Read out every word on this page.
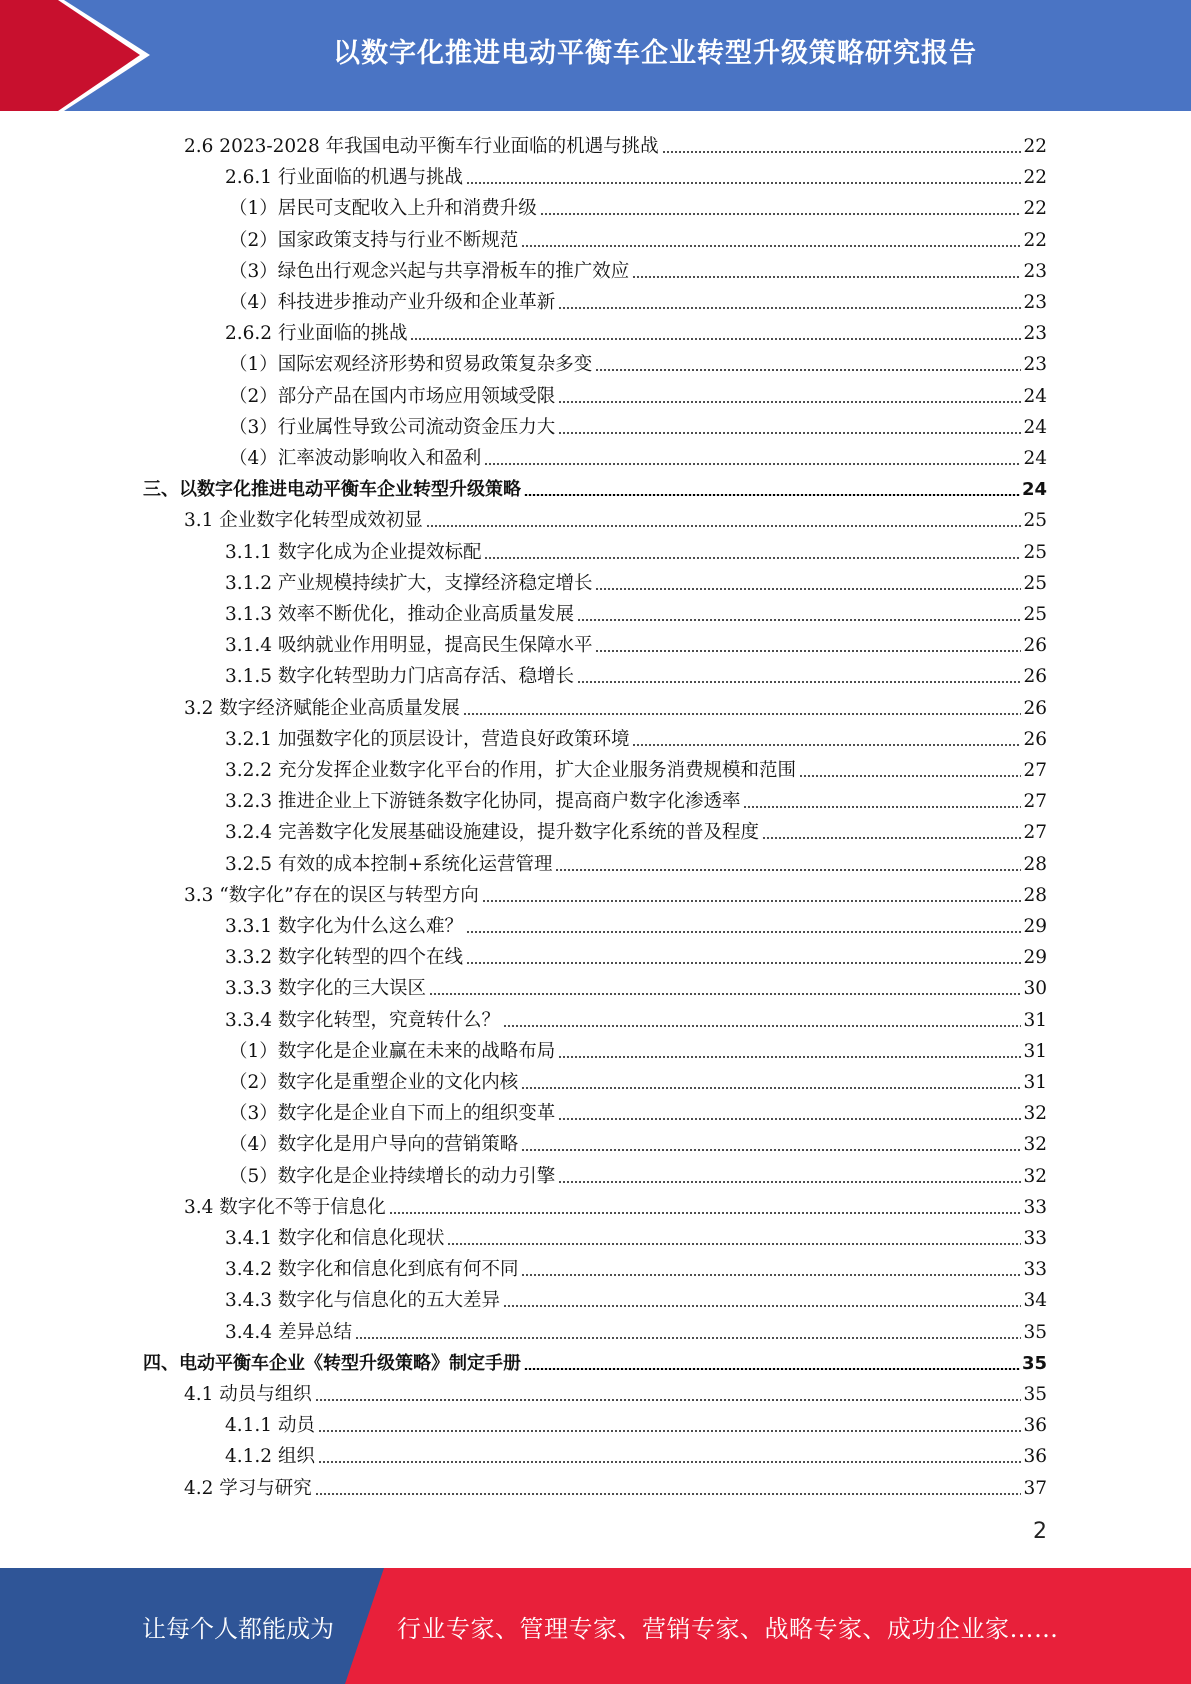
以数字化推进电动平衡车企业转型升级策略研究报告
2.6 2023-2028 年我国电动平衡车行业面临的机遇与挑战	22
2.6.1 行业面临的机遇与挑战	22
（1）居民可支配收入上升和消费升级	22
（2）国家政策支持与行业不断规范	22
（3）绿色出行观念兴起与共享滑板车的推广效应	23
（4）科技进步推动产业升级和企业革新	23
2.6.2 行业面临的挑战	23
（1）国际宏观经济形势和贸易政策复杂多变	23
（2）部分产品在国内市场应用领域受限	24
（3）行业属性导致公司流动资金压力大	24
（4）汇率波动影响收入和盈利	24
三、以数字化推进电动平衡车企业转型升级策略	24
3.1 企业数字化转型成效初显	25
3.1.1 数字化成为企业提效标配	25
3.1.2 产业规模持续扩大，支撑经济稳定增长	25
3.1.3 效率不断优化，推动企业高质量发展	25
3.1.4 吸纳就业作用明显，提高民生保障水平	26
3.1.5 数字化转型助力门店高存活、稳增长	26
3.2 数字经济赋能企业高质量发展	26
3.2.1 加强数字化的顶层设计，营造良好政策环境	26
3.2.2 充分发挥企业数字化平台的作用，扩大企业服务消费规模和范围	27
3.2.3 推进企业上下游链条数字化协同，提高商户数字化渗透率	27
3.2.4 完善数字化发展基础设施建设，提升数字化系统的普及程度	27
3.2.5 有效的成本控制+系统化运营管理	28
3.3 “数字化”存在的误区与转型方向	28
3.3.1 数字化为什么这么难？	29
3.3.2 数字化转型的四个在线	29
3.3.3 数字化的三大误区	30
3.3.4 数字化转型，究竟转什么？	31
（1）数字化是企业赢在未来的战略布局	31
（2）数字化是重塑企业的文化内核	31
（3）数字化是企业自下而上的组织变革	32
（4）数字化是用户导向的营销策略	32
（5）数字化是企业持续增长的动力引擎	32
3.4 数字化不等于信息化	33
3.4.1 数字化和信息化现状	33
3.4.2 数字化和信息化到底有何不同	33
3.4.3 数字化与信息化的五大差异	34
3.4.4 差异总结	35
四、电动平衡车企业《转型升级策略》制定手册	35
4.1 动员与组织	35
4.1.1 动员	36
4.1.2 组织	36
4.2 学习与研究	37
2
让每个人都能成为	行业专家、管理专家、营销专家、战略专家、成功企业家……
